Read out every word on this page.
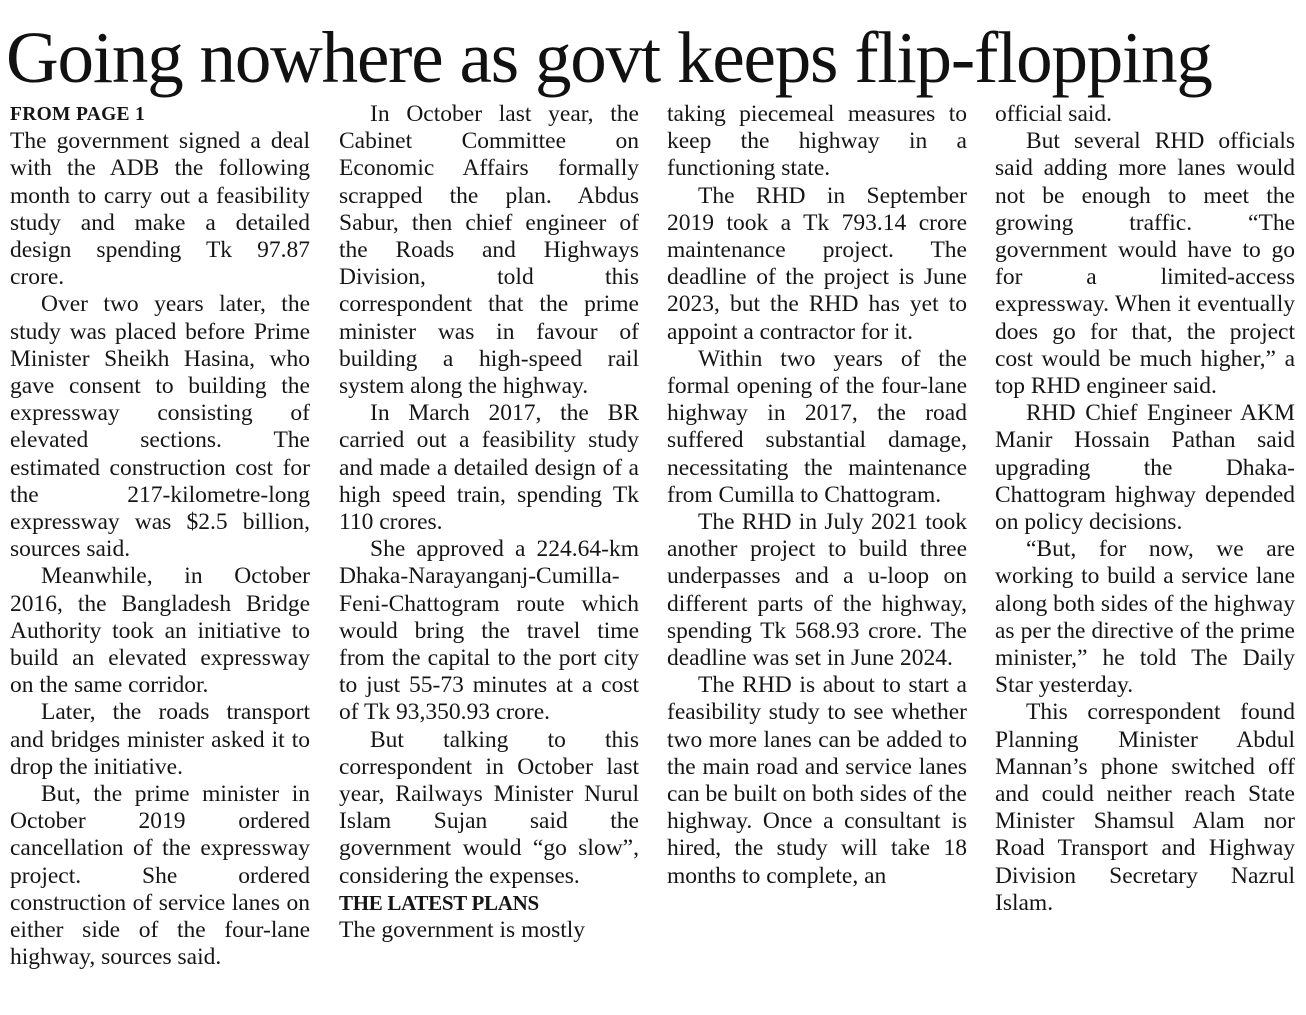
Going nowhere as govt keeps flip-flopping
FROM PAGE 1

The government signed a deal with the ADB the following month to carry out a feasibility study and make a detailed design spending Tk 97.87 crore.

Over two years later, the study was placed before Prime Minister Sheikh Hasina, who gave consent to building the expressway consisting of elevated sections. The estimated construction cost for the 217-kilometre-long expressway was $2.5 billion, sources said.

Meanwhile, in October 2016, the Bangladesh Bridge Authority took an initiative to build an elevated expressway on the same corridor.

Later, the roads transport and bridges minister asked it to drop the initiative.

But, the prime minister in October 2019 ordered cancellation of the expressway project. She ordered construction of service lanes on either side of the four-lane highway, sources said.

In October last year, the Cabinet Committee on Economic Affairs formally scrapped the plan. Abdus Sabur, then chief engineer of the Roads and Highways Division, told this correspondent that the prime minister was in favour of building a high-speed rail system along the highway.

In March 2017, the BR carried out a feasibility study and made a detailed design of a high speed train, spending Tk 110 crores.

She approved a 224.64-km Dhaka-Narayanganj-Cumilla-Feni-Chattogram route which would bring the travel time from the capital to the port city to just 55-73 minutes at a cost of Tk 93,350.93 crore.

But talking to this correspondent in October last year, Railways Minister Nurul Islam Sujan said the government would “go slow”, considering the expenses.

THE LATEST PLANS

The government is mostly

taking piecemeal measures to keep the highway in a functioning state.

The RHD in September 2019 took a Tk 793.14 crore maintenance project. The deadline of the project is June 2023, but the RHD has yet to appoint a contractor for it.

Within two years of the formal opening of the four-lane highway in 2017, the road suffered substantial damage, necessitating the maintenance from Cumilla to Chattogram.

The RHD in July 2021 took another project to build three underpasses and a u-loop on different parts of the highway, spending Tk 568.93 crore. The deadline was set in June 2024.

The RHD is about to start a feasibility study to see whether two more lanes can be added to the main road and service lanes can be built on both sides of the highway. Once a consultant is hired, the study will take 18 months to complete, an

official said.

But several RHD officials said adding more lanes would not be enough to meet the growing traffic. “The government would have to go for a limited-access expressway. When it eventually does go for that, the project cost would be much higher,” a top RHD engineer said.

RHD Chief Engineer AKM Manir Hossain Pathan said upgrading the Dhaka-Chattogram highway depended on policy decisions.

“But, for now, we are working to build a service lane along both sides of the highway as per the directive of the prime minister,” he told The Daily Star yesterday.

This correspondent found Planning Minister Abdul Mannan’s phone switched off and could neither reach State Minister Shamsul Alam nor Road Transport and Highway Division Secretary Nazrul Islam.
